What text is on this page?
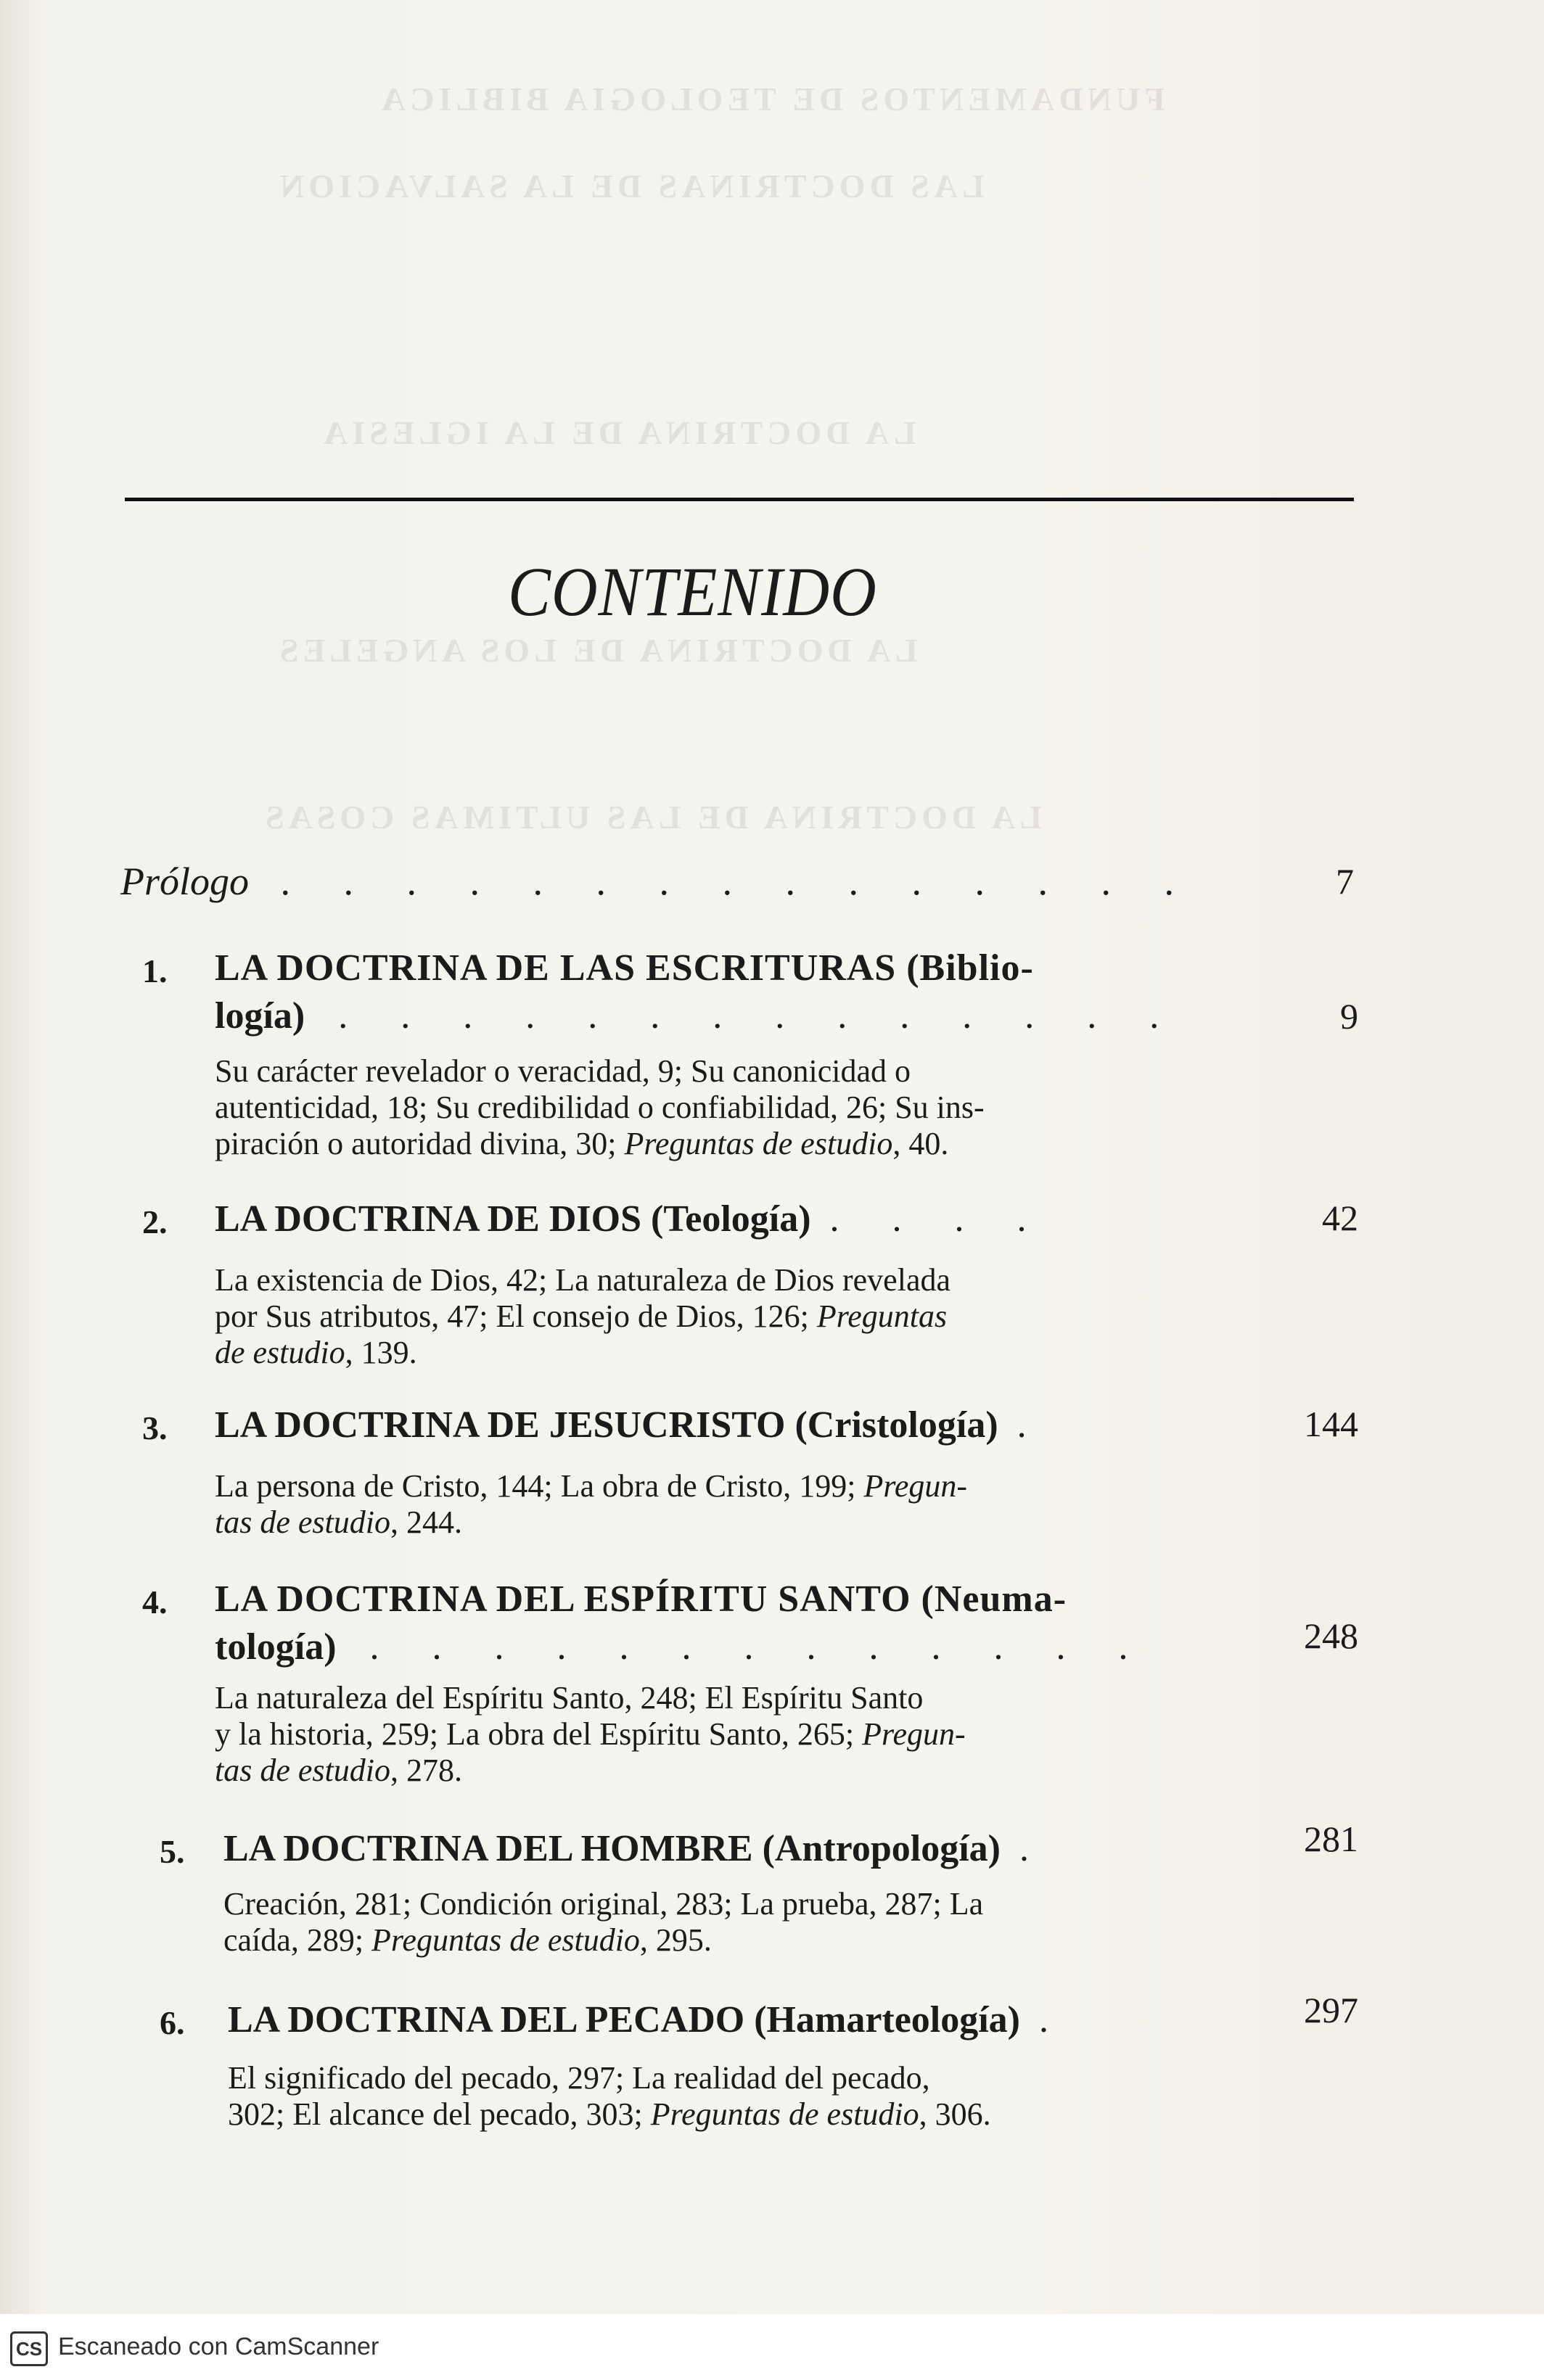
FUNDAMENTOS DE TEOLOGIA BIBLICA
LAS DOCTRINAS DE LA SALVACION
LA DOCTRINA DE LA IGLESIA
LA DOCTRINA DE LOS ANGELES
LA DOCTRINA DE LAS ULTIMAS COSAS
CONTENIDO
Prólogo . . . . . . . . . . . . . . .	7
1. LA DOCTRINA DE LAS ESCRITURAS (Biblio-
logía) . . . . . . . . . . . . . .	9
Su carácter revelador o veracidad, 9; Su canonicidad o
autenticidad, 18; Su credibilidad o confiabilidad, 26; Su ins-
piración o autoridad divina, 30; Preguntas de estudio, 40.
2. LA DOCTRINA DE DIOS (Teología) . . . .	42
La existencia de Dios, 42; La naturaleza de Dios revelada
por Sus atributos, 47; El consejo de Dios, 126; Preguntas
de estudio, 139.
3. LA DOCTRINA DE JESUCRISTO (Cristología) .	144
La persona de Cristo, 144; La obra de Cristo, 199; Pregun-
tas de estudio, 244.
4. LA DOCTRINA DEL ESPÍRITU SANTO (Neuma-
tología) . . . . . . . . . . . . .	248
La naturaleza del Espíritu Santo, 248; El Espíritu Santo
y la historia, 259; La obra del Espíritu Santo, 265; Pregun-
tas de estudio, 278.
5. LA DOCTRINA DEL HOMBRE (Antropología) .	281
Creación, 281; Condición original, 283; La prueba, 287; La
caída, 289; Preguntas de estudio, 295.
6. LA DOCTRINA DEL PECADO (Hamarteología) .	297
El significado del pecado, 297; La realidad del pecado,
302; El alcance del pecado, 303; Preguntas de estudio, 306.
CS Escaneado con CamScanner
